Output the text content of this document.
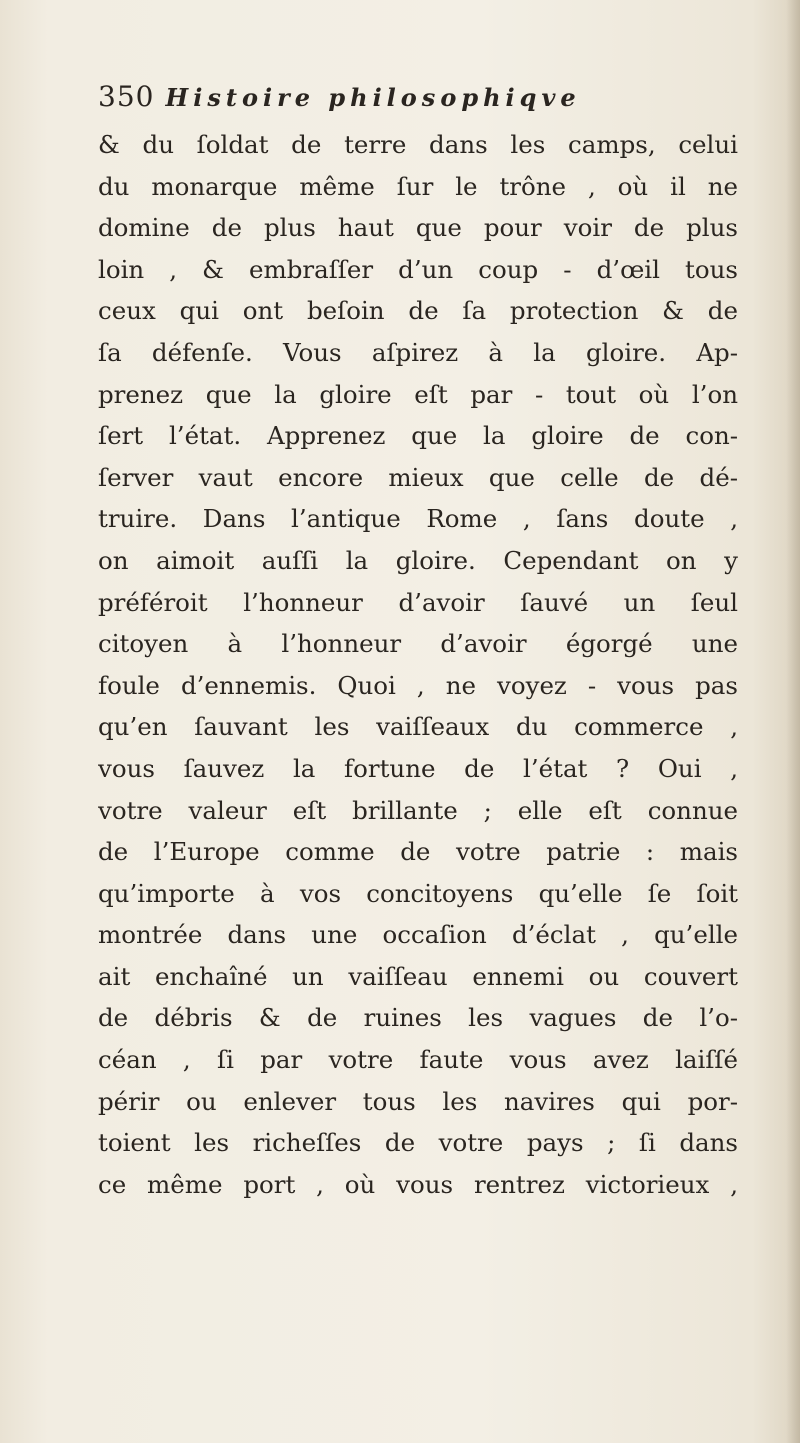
350 Histoire philosophiqve
& du ſoldat de terre dans les camps, celui
du monarque même ſur le trône , où il ne
domine de plus haut que pour voir de plus
loin , & embraſſer d’un coup - d’œil tous
ceux qui ont beſoin de ſa protection & de
ſa défenſe. Vous aſpirez à la gloire. Ap-
prenez que la gloire eſt par - tout où l’on
ſert l’état. Apprenez que la gloire de con-
ſerver vaut encore mieux que celle de dé-
truire. Dans l’antique Rome , ſans doute ,
on aimoit auſſi la gloire. Cependant on y
préféroit l’honneur d’avoir ſauvé un ſeul
citoyen à l’honneur d’avoir égorgé une
foule d’ennemis. Quoi , ne voyez - vous pas
qu’en ſauvant les vaiſſeaux du commerce ,
vous ſauvez la fortune de l’état ? Oui ,
votre valeur eſt brillante ; elle eſt connue
de l’Europe comme de votre patrie : mais
qu’importe à vos concitoyens qu’elle ſe ſoit
montrée dans une occaſion d’éclat , qu’elle
ait enchaîné un vaiſſeau ennemi ou couvert
de débris & de ruines les vagues de l’o-
céan , ſi par votre faute vous avez laiſſé
périr ou enlever tous les navires qui por-
toient les richeſſes de votre pays ; ſi dans
ce même port , où vous rentrez victorieux ,
